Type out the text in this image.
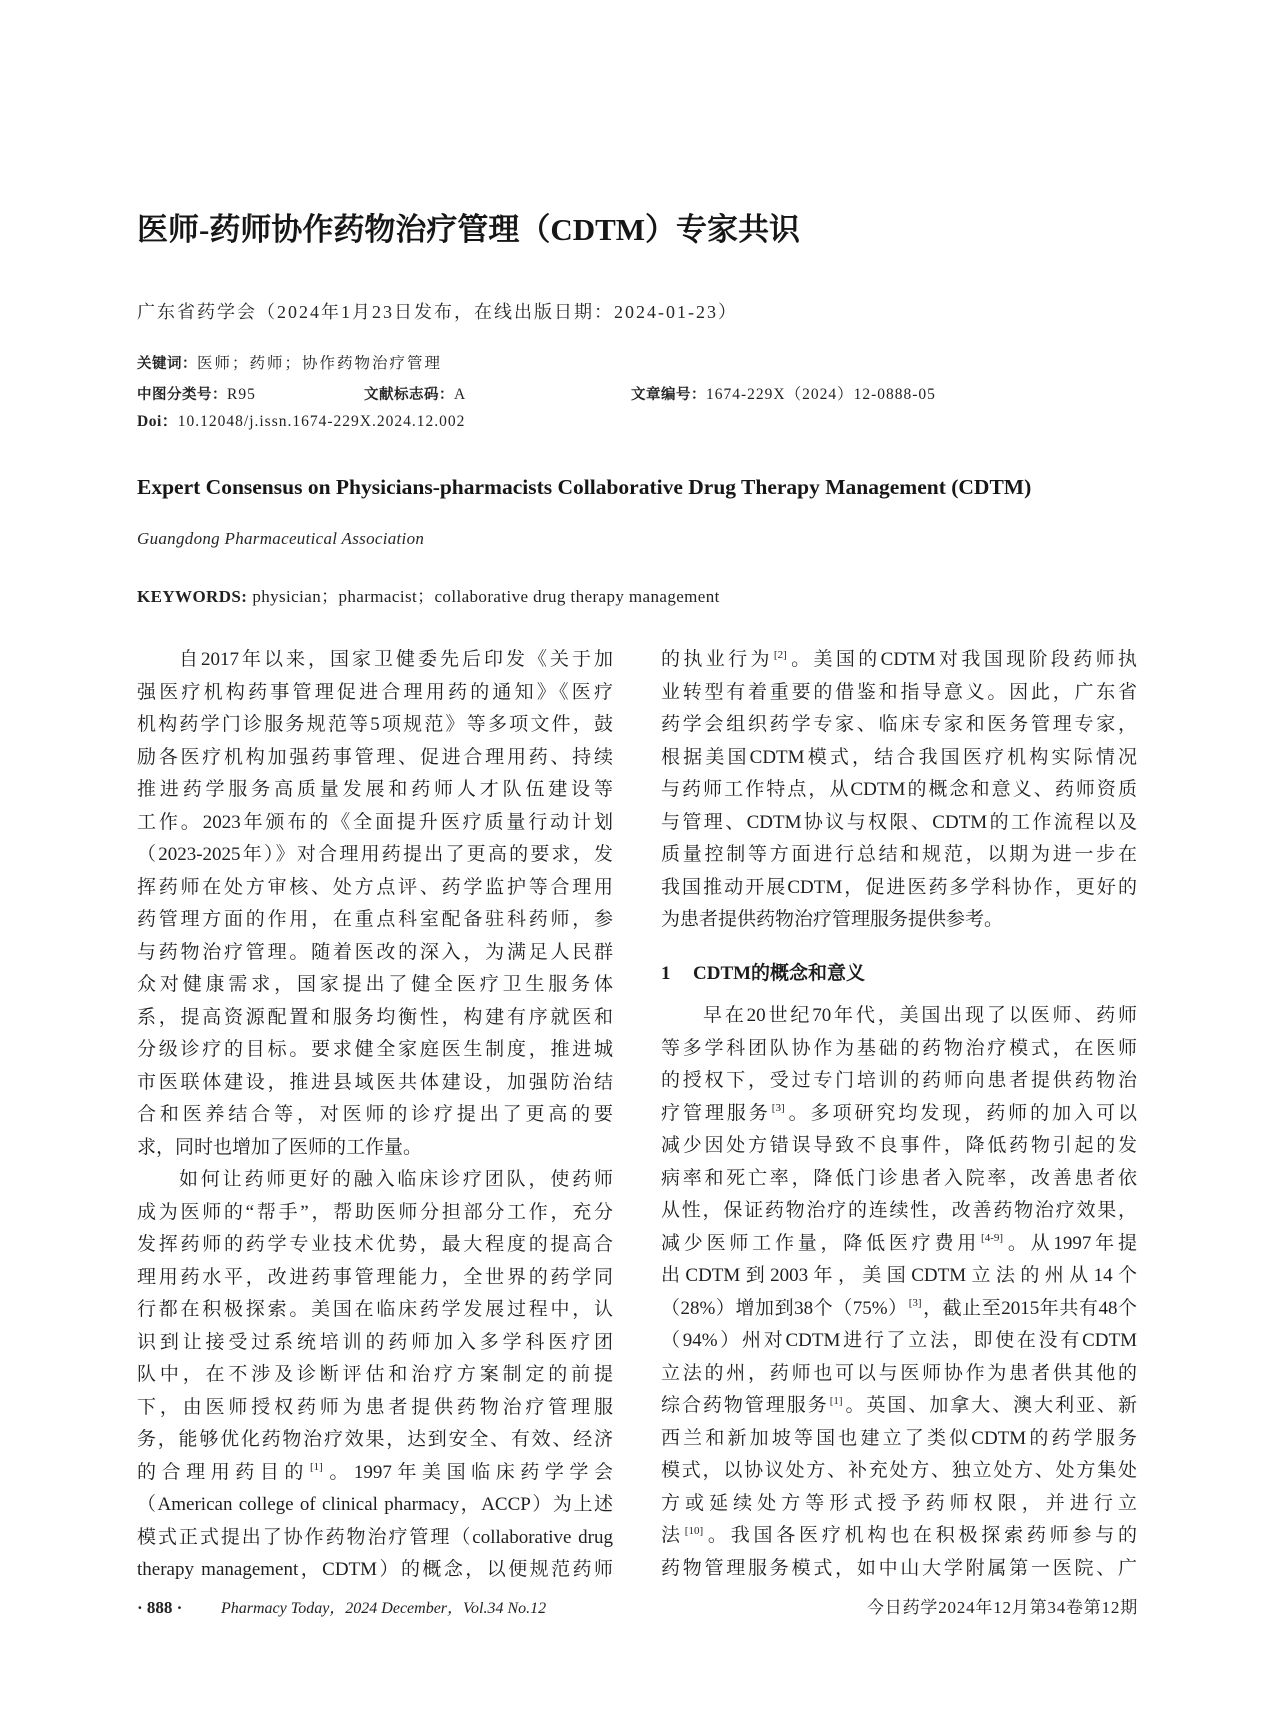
医师-药师协作药物治疗管理（CDTM）专家共识
广东省药学会（2024年1月23日发布，在线出版日期：2024-01-23）
关键词：医师；药师；协作药物治疗管理
中图分类号：R95	文献标志码：A	文章编号：1674-229X（2024）12-0888-05
Doi：10.12048/j.issn.1674-229X.2024.12.002
Expert Consensus on Physicians-pharmacists Collaborative Drug Therapy Management (CDTM)
Guangdong Pharmaceutical Association
KEYWORDS: physician；pharmacist；collaborative drug therapy management
自2017年以来，国家卫健委先后印发《关于加
强医疗机构药事管理促进合理用药的通知》《医疗
机构药学门诊服务规范等5项规范》等多项文件，鼓
励各医疗机构加强药事管理、促进合理用药、持续
推进药学服务高质量发展和药师人才队伍建设等
工作。2023年颁布的《全面提升医疗质量行动计划
（2023-2025年）》对合理用药提出了更高的要求，发
挥药师在处方审核、处方点评、药学监护等合理用
药管理方面的作用，在重点科室配备驻科药师，参
与药物治疗管理。随着医改的深入，为满足人民群
众对健康需求，国家提出了健全医疗卫生服务体
系，提高资源配置和服务均衡性，构建有序就医和
分级诊疗的目标。要求健全家庭医生制度，推进城
市医联体建设，推进县域医共体建设，加强防治结
合和医养结合等，对医师的诊疗提出了更高的要
求，同时也增加了医师的工作量。
如何让药师更好的融入临床诊疗团队，使药师
成为医师的“帮手”，帮助医师分担部分工作，充分
发挥药师的药学专业技术优势，最大程度的提高合
理用药水平，改进药事管理能力，全世界的药学同
行都在积极探索。美国在临床药学发展过程中，认
识到让接受过系统培训的药师加入多学科医疗团
队中，在不涉及诊断评估和治疗方案制定的前提
下，由医师授权药师为患者提供药物治疗管理服
务，能够优化药物治疗效果，达到安全、有效、经济
的合理用药目的[1]。1997年美国临床药学学会
（American college of clinical pharmacy，ACCP）为上述
模式正式提出了协作药物治疗管理（collaborative drug
therapy management，CDTM）的概念，以便规范药师
的执业行为[2]。美国的CDTM对我国现阶段药师执
业转型有着重要的借鉴和指导意义。因此，广东省
药学会组织药学专家、临床专家和医务管理专家，
根据美国CDTM模式，结合我国医疗机构实际情况
与药师工作特点，从CDTM的概念和意义、药师资质
与管理、CDTM协议与权限、CDTM的工作流程以及
质量控制等方面进行总结和规范，以期为进一步在
我国推动开展CDTM，促进医药多学科协作，更好的
为患者提供药物治疗管理服务提供参考。
1 CDTM的概念和意义
早在20世纪70年代，美国出现了以医师、药师
等多学科团队协作为基础的药物治疗模式，在医师
的授权下，受过专门培训的药师向患者提供药物治
疗管理服务[3]。多项研究均发现，药师的加入可以
减少因处方错误导致不良事件，降低药物引起的发
病率和死亡率，降低门诊患者入院率，改善患者依
从性，保证药物治疗的连续性，改善药物治疗效果，
减少医师工作量，降低医疗费用[4-9]。从1997年提
出CDTM到2003年，美国CDTM立法的州从14个
（28%）增加到38个（75%）[3]，截止至2015年共有48个
（94%）州对CDTM进行了立法，即使在没有CDTM
立法的州，药师也可以与医师协作为患者供其他的
综合药物管理服务[1]。英国、加拿大、澳大利亚、新
西兰和新加坡等国也建立了类似CDTM的药学服务
模式，以协议处方、补充处方、独立处方、处方集处
方或延续处方等形式授予药师权限，并进行立
法[10]。我国各医疗机构也在积极探索药师参与的
药物管理服务模式，如中山大学附属第一医院、广
· 888 · Pharmacy Today，2024 December，Vol.34 No.12	今日药学2024年12月第34卷第12期
